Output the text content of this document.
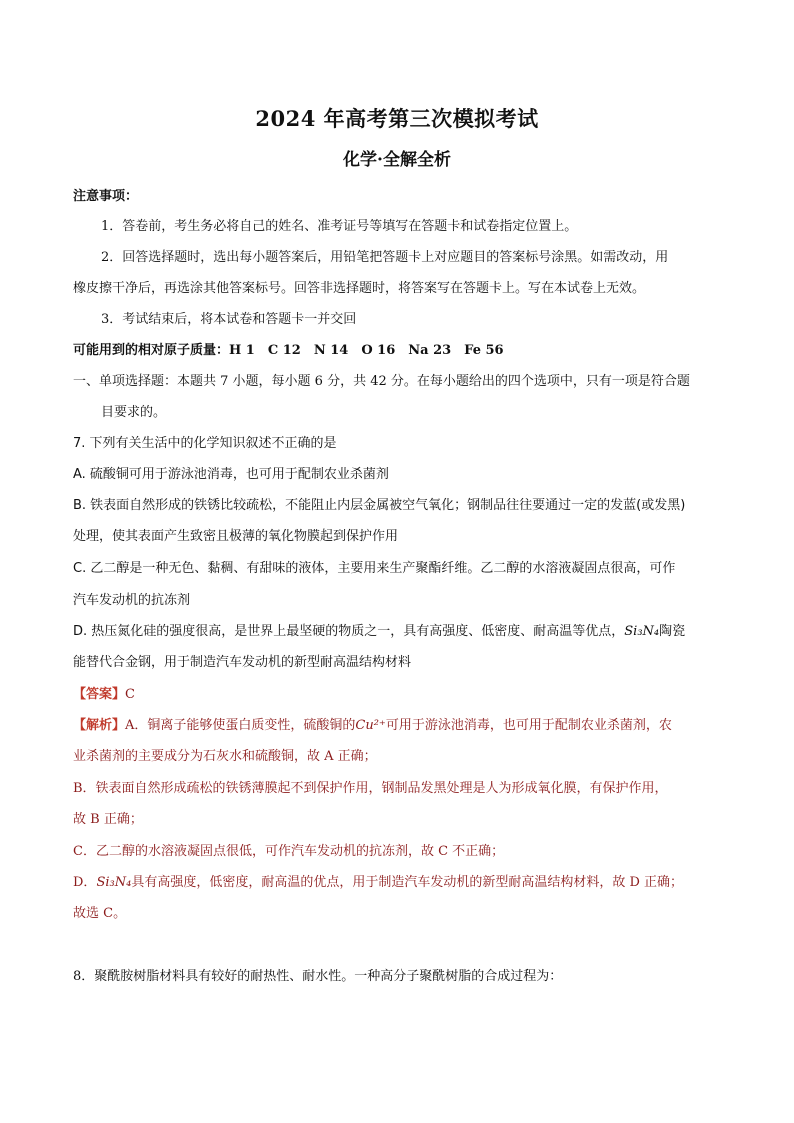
2024 年高考第三次模拟考试
化学·全解全析
注意事项：
1．答卷前，考生务必将自己的姓名、准考证号等填写在答题卡和试卷指定位置上。
2．回答选择题时，选出每小题答案后，用铅笔把答题卡上对应题目的答案标号涂黑。如需改动，用
橡皮擦干净后，再选涂其他答案标号。回答非选择题时，将答案写在答题卡上。写在本试卷上无效。
3．考试结束后，将本试卷和答题卡一并交回
可能用到的相对原子质量：H 1　C 12　N 14　O 16　Na 23　Fe 56
一、单项选择题：本题共 7 小题，每小题 6 分，共 42 分。在每小题给出的四个选项中，只有一项是符合题
目要求的。
7. 下列有关生活中的化学知识叙述不正确的是
A. 硫酸铜可用于游泳池消毒，也可用于配制农业杀菌剂
B. 铁表面自然形成的铁锈比较疏松，不能阻止内层金属被空气氧化；钢制品往往要通过一定的发蓝(或发黑)
处理，使其表面产生致密且极薄的氧化物膜起到保护作用
C. 乙二醇是一种无色、黏稠、有甜味的液体，主要用来生产聚酯纤维。乙二醇的水溶液凝固点很高，可作
汽车发动机的抗冻剂
D. 热压氮化硅的强度很高，是世界上最坚硬的物质之一，具有高强度、低密度、耐高温等优点，Si₃N₄陶瓷
能替代合金钢，用于制造汽车发动机的新型耐高温结构材料
【答案】C
【解析】A．铜离子能够使蛋白质变性，硫酸铜的Cu²⁺可用于游泳池消毒，也可用于配制农业杀菌剂，农
业杀菌剂的主要成分为石灰水和硫酸铜，故 A 正确；
B．铁表面自然形成疏松的铁锈薄膜起不到保护作用，钢制品发黑处理是人为形成氧化膜，有保护作用，
故 B 正确；
C．乙二醇的水溶液凝固点很低，可作汽车发动机的抗冻剂，故 C 不正确；
D．Si₃N₄具有高强度，低密度，耐高温的优点，用于制造汽车发动机的新型耐高温结构材料，故 D 正确；
故选 C。
8．聚酰胺树脂材料具有较好的耐热性、耐水性。一种高分子聚酰树脂的合成过程为：
